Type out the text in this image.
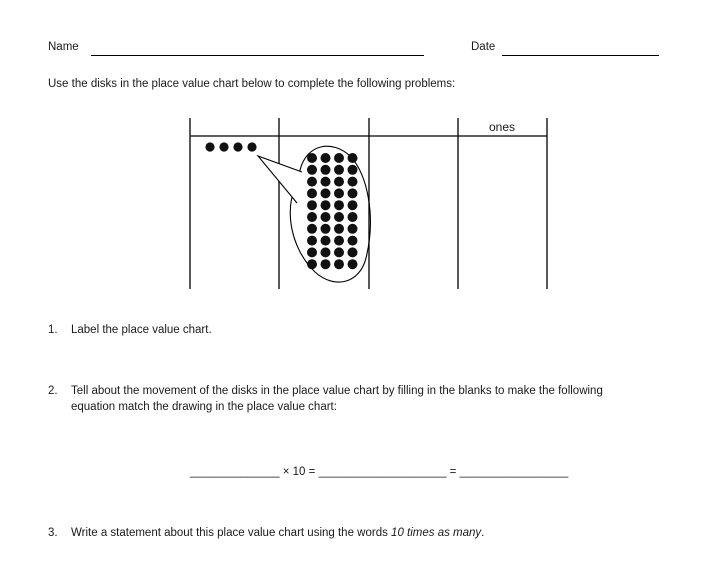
Name	Date
Use the disks in the place value chart below to complete the following problems:
ones
1. Label the place value chart.
2. Tell about the movement of the disks in the place value chart by filling in the blanks to make the following
equation match the drawing in the place value chart:
______________ × 10 = ____________________ = _________________
3. Write a statement about this place value chart using the words 10 times as many.
